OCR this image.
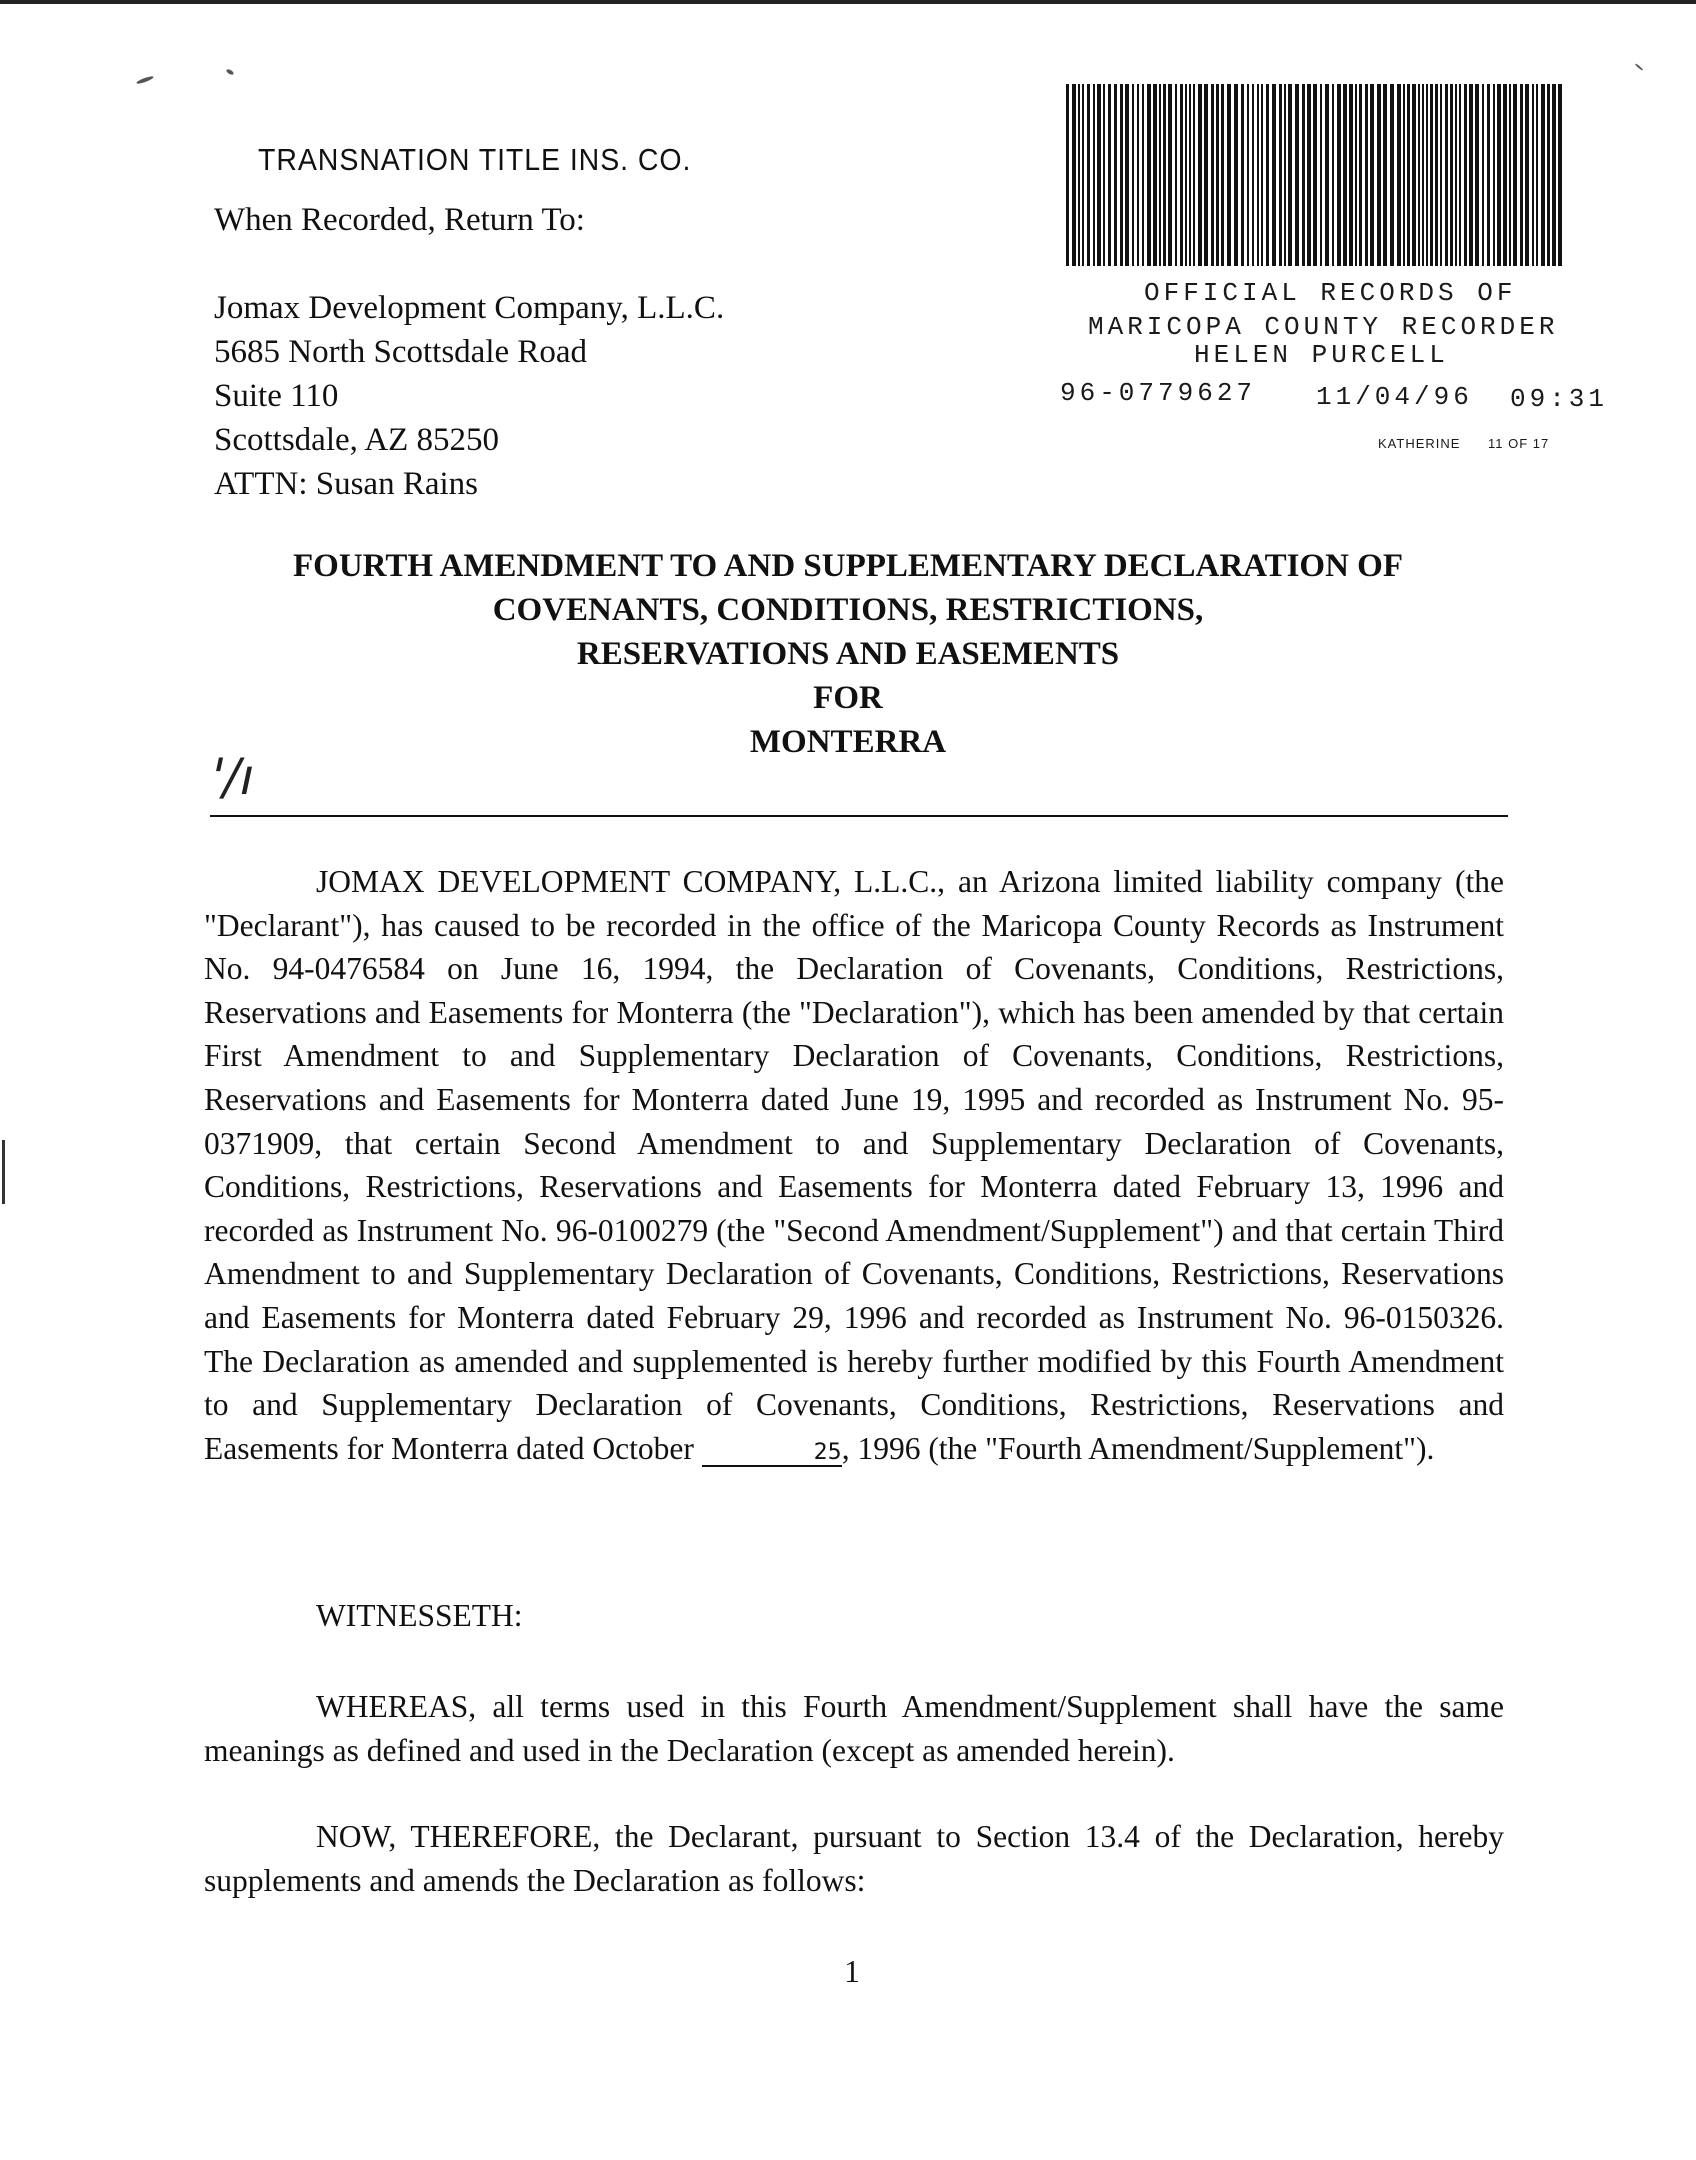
TRANSNATION TITLE INS. CO.
When Recorded, Return To:
Jomax Development Company, L.L.C.
5685 North Scottsdale Road
Suite 110
Scottsdale, AZ 85250
ATTN: Susan Rains
OFFICIAL RECORDS OF
MARICOPA COUNTY RECORDER
HELEN PURCELL
96-0779627 11/04/96 09:31
KATHERINE 11 OF 17
FOURTH AMENDMENT TO AND SUPPLEMENTARY DECLARATION OF
COVENANTS, CONDITIONS, RESTRICTIONS,
RESERVATIONS AND EASEMENTS
FOR
MONTERRA
'/ı

JOMAX DEVELOPMENT COMPANY, L.L.C., an Arizona limited liability company (the "Declarant"), has caused to be recorded in the office of the Maricopa County Records as Instrument No. 94-0476584 on June 16, 1994, the Declaration of Covenants, Conditions, Restrictions, Reservations and Easements for Monterra (the "Declaration"), which has been amended by that certain First Amendment to and Supplementary Declaration of Covenants, Conditions, Restrictions, Reservations and Easements for Monterra dated June 19, 1995 and recorded as Instrument No. 95-0371909, that certain Second Amendment to and Supplementary Declaration of Covenants, Conditions, Restrictions, Reservations and Easements for Monterra dated February 13, 1996 and recorded as Instrument No. 96-0100279 (the "Second Amendment/Supplement") and that certain Third Amendment to and Supplementary Declaration of Covenants, Conditions, Restrictions, Reservations and Easements for Monterra dated February 29, 1996 and recorded as Instrument No. 96-0150326. The Declaration as amended and supplemented is hereby further modified by this Fourth Amendment to and Supplementary Declaration of Covenants, Conditions, Restrictions, Reservations and Easements for Monterra dated October	25, 1996 (the "Fourth Amendment/Supplement").

WITNESSETH:

WHEREAS, all terms used in this Fourth Amendment/Supplement shall have the same meanings as defined and used in the Declaration (except as amended herein).

NOW, THEREFORE, the Declarant, pursuant to Section 13.4 of the Declaration, hereby supplements and amends the Declaration as follows:

1
